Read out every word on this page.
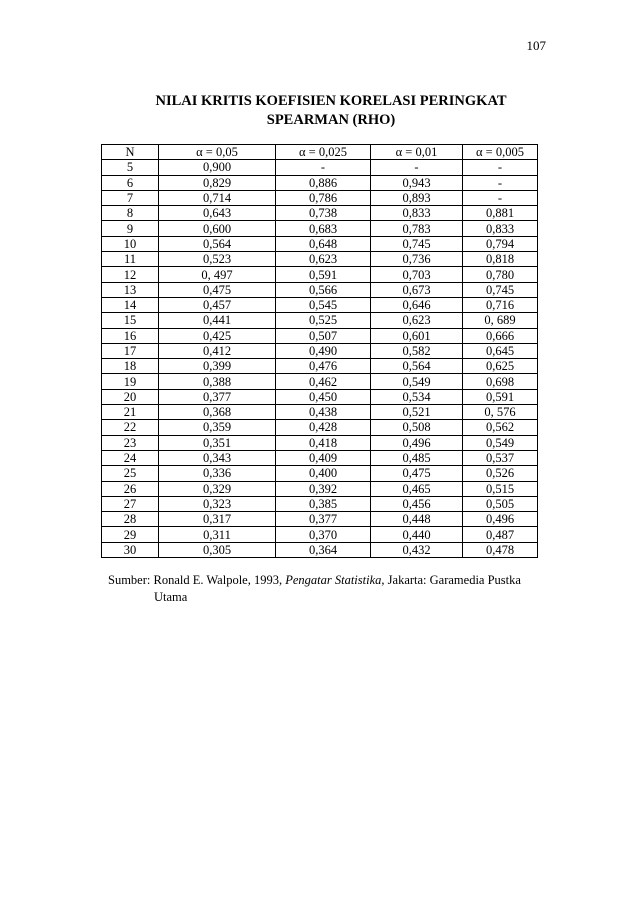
107
NILAI KRITIS KOEFISIEN KORELASI PERINGKAT
SPEARMAN (RHO)
N	α = 0,05	α = 0,025	α = 0,01	α = 0,005
5	0,900	-	-	-
6	0,829	0,886	0,943	-
7	0,714	0,786	0,893	-
8	0,643	0,738	0,833	0,881
9	0,600	0,683	0,783	0,833
10	0,564	0,648	0,745	0,794
11	0,523	0,623	0,736	0,818
12	0, 497	0,591	0,703	0,780
13	0,475	0,566	0,673	0,745
14	0,457	0,545	0,646	0,716
15	0,441	0,525	0,623	0, 689
16	0,425	0,507	0,601	0,666
17	0,412	0,490	0,582	0,645
18	0,399	0,476	0,564	0,625
19	0,388	0,462	0,549	0,698
20	0,377	0,450	0,534	0,591
21	0,368	0,438	0,521	0, 576
22	0,359	0,428	0,508	0,562
23	0,351	0,418	0,496	0,549
24	0,343	0,409	0,485	0,537
25	0,336	0,400	0,475	0,526
26	0,329	0,392	0,465	0,515
27	0,323	0,385	0,456	0,505
28	0,317	0,377	0,448	0,496
29	0,311	0,370	0,440	0,487
30	0,305	0,364	0,432	0,478
Sumber: Ronald E. Walpole, 1993, Pengatar Statistika, Jakarta: Garamedia Pustka
Utama
